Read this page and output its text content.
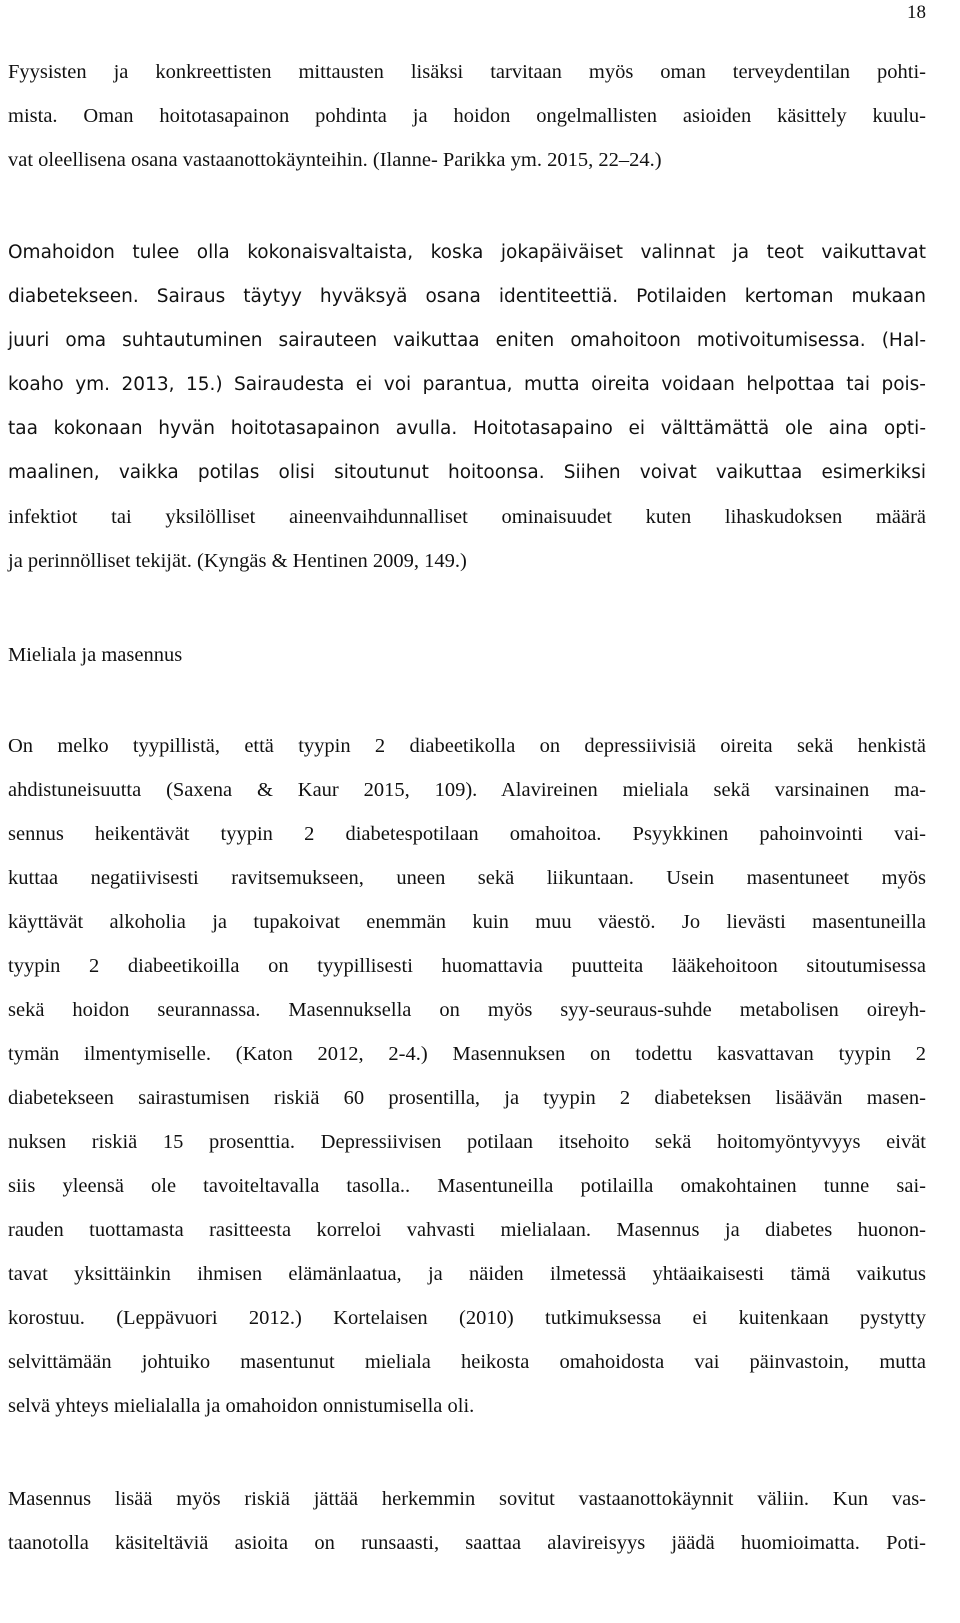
18

Fyysisten ja konkreettisten mittausten lisäksi tarvitaan myös oman terveydentilan pohti-

mista. Oman hoitotasapainon pohdinta ja hoidon ongelmallisten asioiden käsittely kuulu-

vat oleellisena osana vastaanottokäynteihin. (Ilanne- Parikka ym. 2015, 22‒24.)

Omahoidon tulee olla kokonaisvaltaista, koska jokapäiväiset valinnat ja teot vaikuttavat

diabetekseen. Sairaus täytyy hyväksyä osana identiteettiä. Potilaiden kertoman mukaan

juuri oma suhtautuminen sairauteen vaikuttaa eniten omahoitoon motivoitumisessa. (Hal-

koaho ym. 2013, 15.) Sairaudesta ei voi parantua, mutta oireita voidaan helpottaa tai pois-

taa kokonaan hyvän hoitotasapainon avulla. Hoitotasapaino ei välttämättä ole aina opti-

maalinen, vaikka potilas olisi sitoutunut hoitoonsa. Siihen voivat vaikuttaa esimerkiksi

infektiot tai yksilölliset aineenvaihdunnalliset ominaisuudet kuten lihaskudoksen määrä

ja perinnölliset tekijät. (Kyngäs & Hentinen 2009, 149.)

Mieliala ja masennus

On melko tyypillistä, että tyypin 2 diabeetikolla on depressiivisiä oireita sekä henkistä

ahdistuneisuutta (Saxena & Kaur 2015, 109). Alavireinen mieliala sekä varsinainen ma-

sennus heikentävät tyypin 2 diabetespotilaan omahoitoa. Psyykkinen pahoinvointi vai-

kuttaa negatiivisesti ravitsemukseen, uneen sekä liikuntaan. Usein masentuneet myös

käyttävät alkoholia ja tupakoivat enemmän kuin muu väestö. Jo lievästi masentuneilla

tyypin 2 diabeetikoilla on tyypillisesti huomattavia puutteita lääkehoitoon sitoutumisessa

sekä hoidon seurannassa. Masennuksella on myös syy-seuraus-suhde metabolisen oireyh-

tymän ilmentymiselle. (Katon 2012, 2-4.) Masennuksen on todettu kasvattavan tyypin 2

diabetekseen sairastumisen riskiä 60 prosentilla, ja tyypin 2 diabeteksen lisäävän masen-

nuksen riskiä 15 prosenttia. Depressiivisen potilaan itsehoito sekä hoitomyöntyvyys eivät

siis yleensä ole tavoiteltavalla tasolla.. Masentuneilla potilailla omakohtainen tunne sai-

rauden tuottamasta rasitteesta korreloi vahvasti mielialaan. Masennus ja diabetes huonon-

tavat yksittäinkin ihmisen elämänlaatua, ja näiden ilmetessä yhtäaikaisesti tämä vaikutus

korostuu. (Leppävuori 2012.) Kortelaisen (2010) tutkimuksessa ei kuitenkaan pystytty

selvittämään johtuiko masentunut mieliala heikosta omahoidosta vai päinvastoin, mutta

selvä yhteys mielialalla ja omahoidon onnistumisella oli.

Masennus lisää myös riskiä jättää herkemmin sovitut vastaanottokäynnit väliin. Kun vas-

taanotolla käsiteltäviä asioita on runsaasti, saattaa alavireisyys jäädä huomioimatta. Poti-
